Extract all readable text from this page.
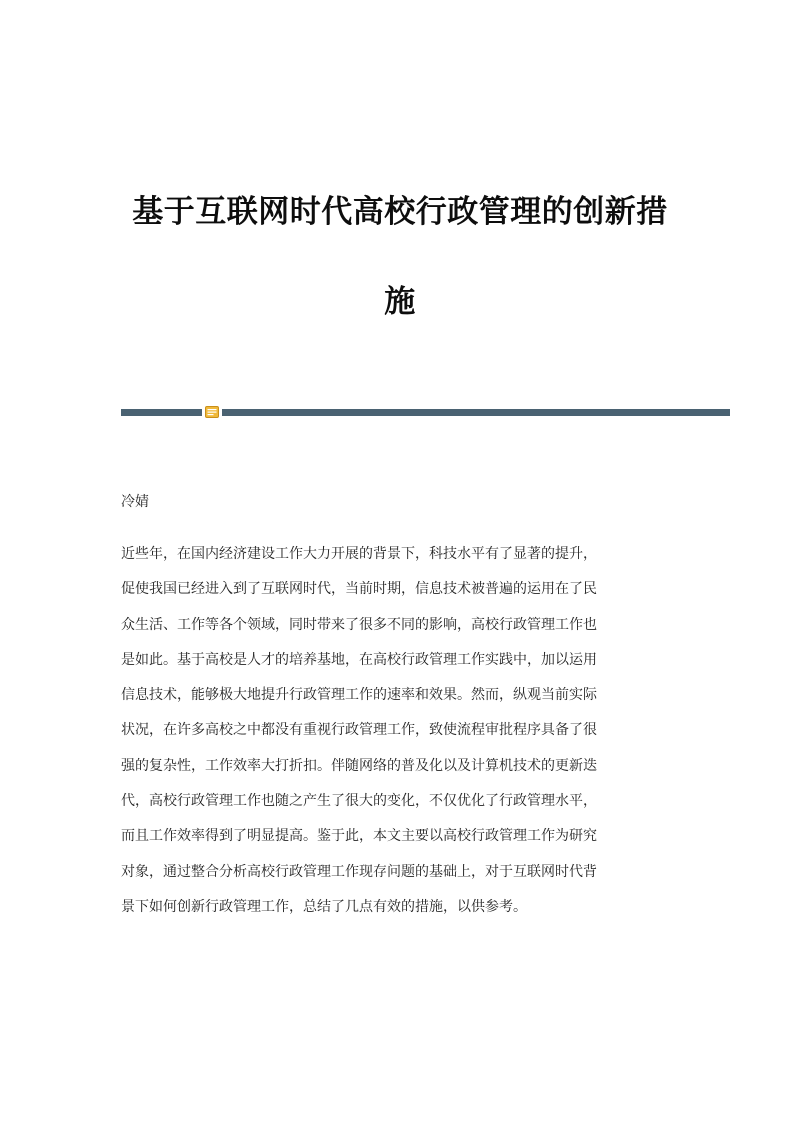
基于互联网时代高校行政管理的创新措
施

冷婧

近些年，在国内经济建设工作大力开展的背景下，科技水平有了显著的提升，
促使我国已经进入到了互联网时代，当前时期，信息技术被普遍的运用在了民
众生活、工作等各个领域，同时带来了很多不同的影响，高校行政管理工作也
是如此。基于高校是人才的培养基地，在高校行政管理工作实践中，加以运用
信息技术，能够极大地提升行政管理工作的速率和效果。然而，纵观当前实际
状况，在许多高校之中都没有重视行政管理工作，致使流程审批程序具备了很
强的复杂性，工作效率大打折扣。伴随网络的普及化以及计算机技术的更新迭
代，高校行政管理工作也随之产生了很大的变化，不仅优化了行政管理水平，
而且工作效率得到了明显提高。鉴于此，本文主要以高校行政管理工作为研究
对象，通过整合分析高校行政管理工作现存问题的基础上，对于互联网时代背
景下如何创新行政管理工作，总结了几点有效的措施，以供参考。
